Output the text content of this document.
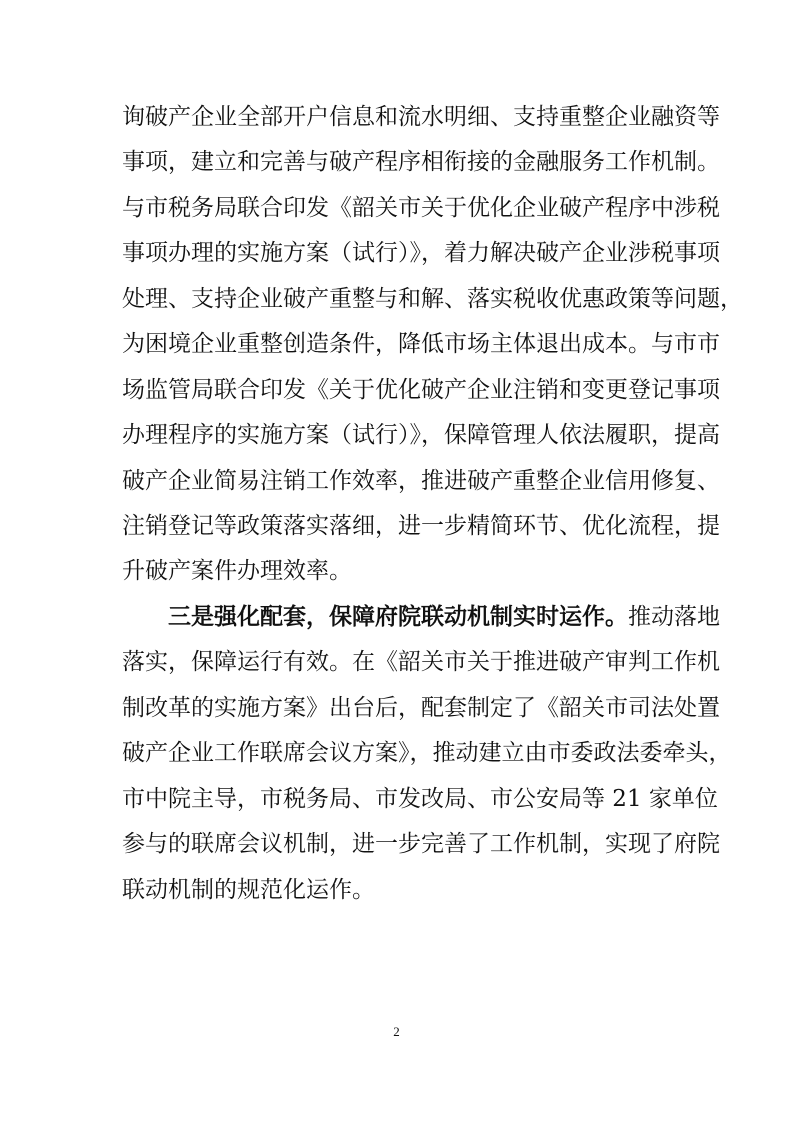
询破产企业全部开户信息和流水明细、支持重整企业融资等
事项，建立和完善与破产程序相衔接的金融服务工作机制。
与市税务局联合印发《韶关市关于优化企业破产程序中涉税
事项办理的实施方案（试行）》，着力解决破产企业涉税事项
处理、支持企业破产重整与和解、落实税收优惠政策等问题，
为困境企业重整创造条件，降低市场主体退出成本。与市市
场监管局联合印发《关于优化破产企业注销和变更登记事项
办理程序的实施方案（试行）》，保障管理人依法履职，提高
破产企业简易注销工作效率，推进破产重整企业信用修复、
注销登记等政策落实落细，进一步精简环节、优化流程，提
升破产案件办理效率。
三是强化配套，保障府院联动机制实时运作。推动落地
落实，保障运行有效。在《韶关市关于推进破产审判工作机
制改革的实施方案》出台后，配套制定了《韶关市司法处置
破产企业工作联席会议方案》，推动建立由市委政法委牵头，
市中院主导，市税务局、市发改局、市公安局等 21 家单位
参与的联席会议机制，进一步完善了工作机制，实现了府院
联动机制的规范化运作。
2
